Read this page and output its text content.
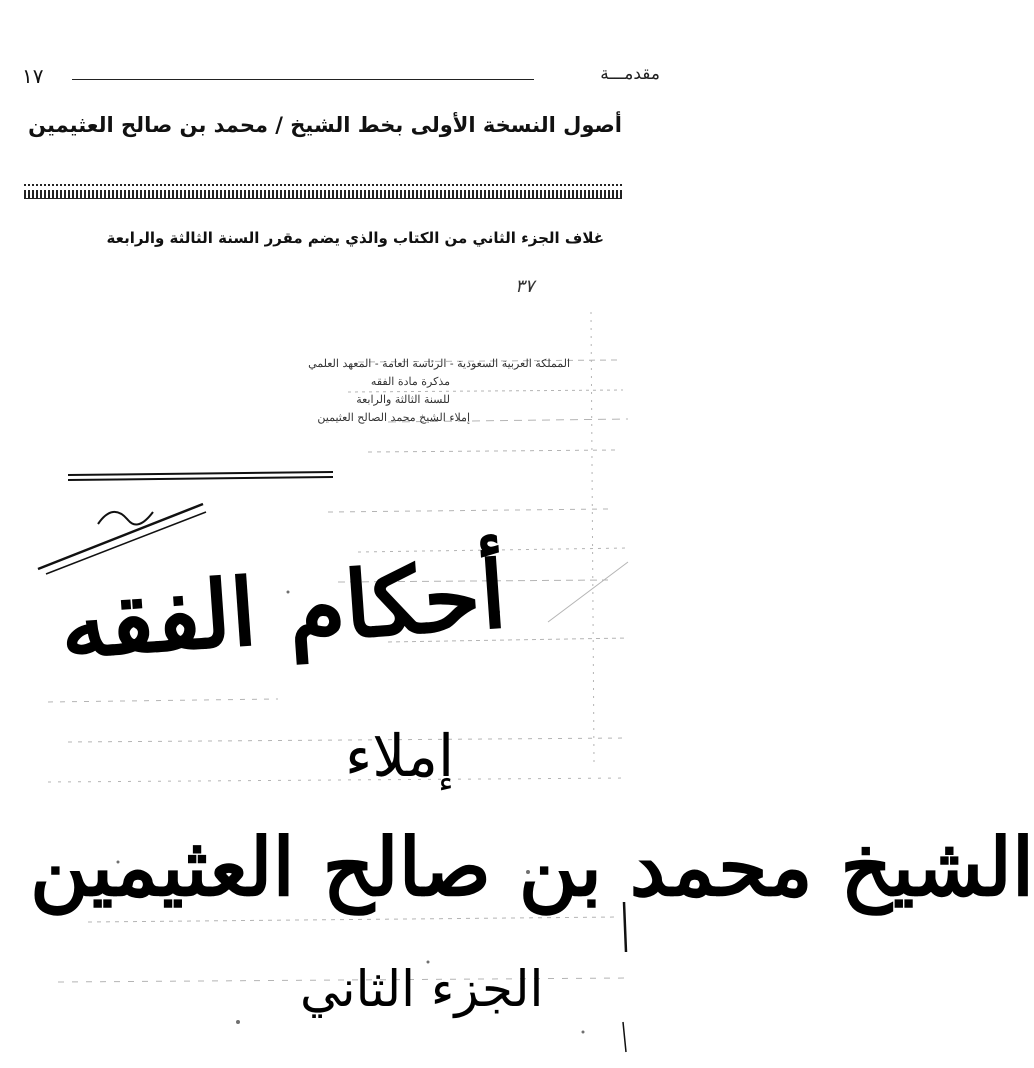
١٧	مقدمـــة
أصول النسخة الأولى بخط الشيخ / محمد بن صالح العثيمين
غلاف الجزء الثاني من الكتاب والذي يضم مقرر السنة الثالثة والرابعة
٣٧
المملكة العربية السعودية - الرئاسة العامة - المعهد العلمي
مذكرة مادة الفقه
للسنة الثالثة والرابعة
إملاء الشيخ محمد الصالح العثيمين
أحكام الفقه
إملاء
الشيخ محمد بن صالح العثيمين
الجزء الثاني
